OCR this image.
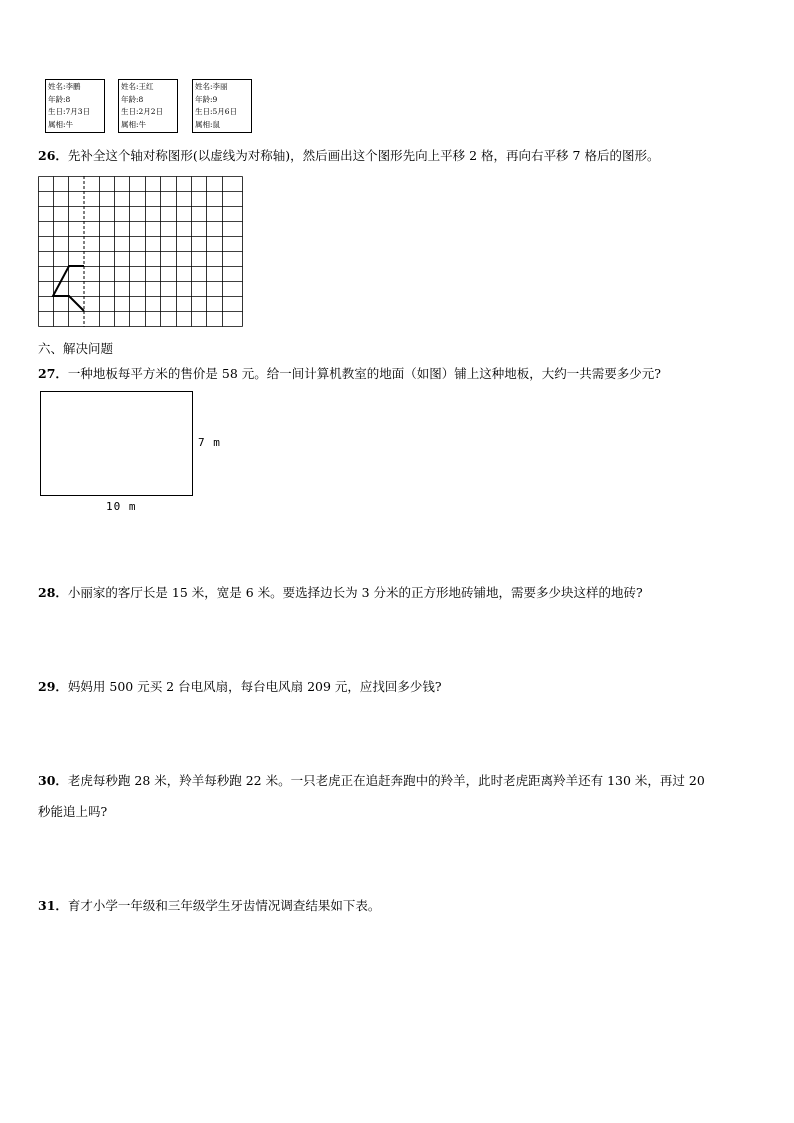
姓名:李鹏
年龄:8
生日:7月3日
属相:牛
姓名:王红
年龄:8
生日:2月2日
属相:牛
姓名:李丽
年龄:9
生日:5月6日
属相:鼠
26．先补全这个轴对称图形(以虚线为对称轴)，然后画出这个图形先向上平移 2 格，再向右平移 7 格后的图形。
六、解决问题
27．一种地板每平方米的售价是 58 元。给一间计算机教室的地面（如图）铺上这种地板，大约一共需要多少元?
7 m
10 m
28．小丽家的客厅长是 15 米，宽是 6 米。要选择边长为 3 分米的正方形地砖铺地，需要多少块这样的地砖?
29．妈妈用 500 元买 2 台电风扇，每台电风扇 209 元，应找回多少钱?
30．老虎每秒跑 28 米，羚羊每秒跑 22 米。一只老虎正在追赶奔跑中的羚羊，此时老虎距离羚羊还有 130 米，再过 20
秒能追上吗?
31．育才小学一年级和三年级学生牙齿情况调查结果如下表。
